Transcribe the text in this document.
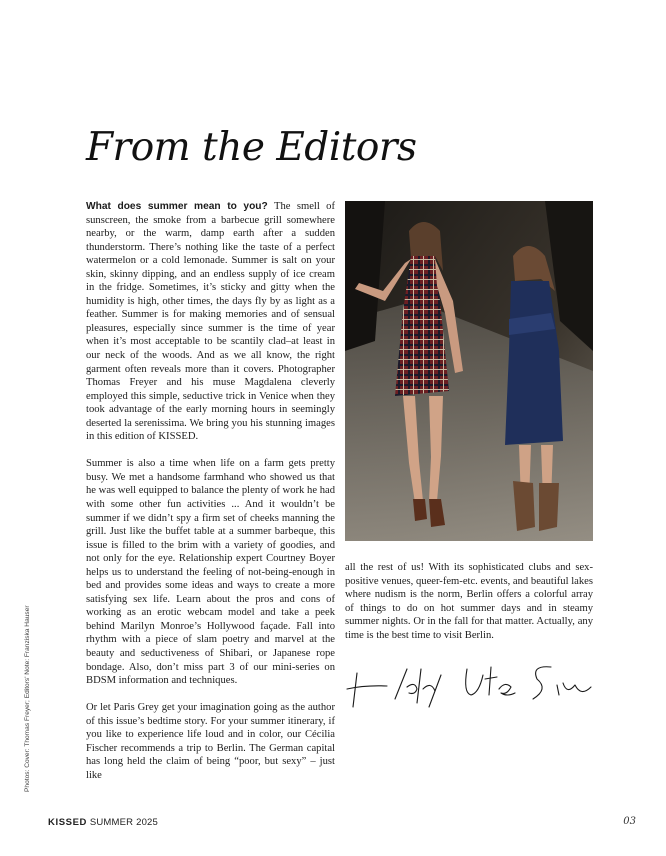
From the Editors

What does summer mean to you? The smell of sunscreen, the smoke from a barbecue grill somewhere nearby, or the warm, damp earth after a sudden thunderstorm. There’s nothing like the taste of a perfect watermelon or a cold lemonade. Summer is salt on your skin, skinny dipping, and an endless supply of ice cream in the fridge. Sometimes, it’s sticky and gitty when the humidity is high, other times, the days fly by as light as a feather. Summer is for making memories and of sensual pleasures, especially since summer is the time of year when it’s most acceptable to be scantily clad–at least in our neck of the woods. And as we all know, the right garment often reveals more than it covers. Photographer Thomas Freyer and his muse Magdalena cleverly employed this simple, seductive trick in Venice when they took advantage of the early morning hours in seemingly deserted la serenissima. We bring you his stunning images in this edition of KISSED.

Summer is also a time when life on a farm gets pretty busy. We met a handsome farmhand who showed us that he was well equipped to balance the plenty of work he had with some other fun activities ... And it wouldn’t be summer if we didn’t spy a firm set of cheeks manning the grill. Just like the buffet table at a summer barbeque, this issue is filled to the brim with a variety of goodies, and not only for the eye. Relationship expert Courtney Boyer helps us to understand the feeling of not-being-enough in bed and provides some ideas and ways to create a more satisfying sex life. Learn about the pros and cons of working as an erotic webcam model and take a peek behind Marilyn Monroe’s Hollywood façade. Fall into rhythm with a piece of slam poetry and marvel at the beauty and seductiveness of Shibari, or Japanese rope bondage. Also, don’t miss part 3 of our mini-series on BDSM information and techniques.

Or let Paris Grey get your imagination going as the author of this issue’s bedtime story. For your summer itinerary, if you like to experience life loud and in color, our Cécilia Fischer recommends a trip to Berlin. The German capital has long held the claim of being “poor, but sexy” – just like

all the rest of us! With its sophisticated clubs and sex-positive venues, queer-fem-etc. events, and beautiful lakes where nudism is the norm, Berlin offers a colorful array of things to do on hot summer days and in steamy summer nights. Or in the fall for that matter. Actually, any time is the best time to visit Berlin.

Photos: Cover: Thomas Freyer; Editors' Note: Franziska Hauser
KISSED SUMMER 2025	03
